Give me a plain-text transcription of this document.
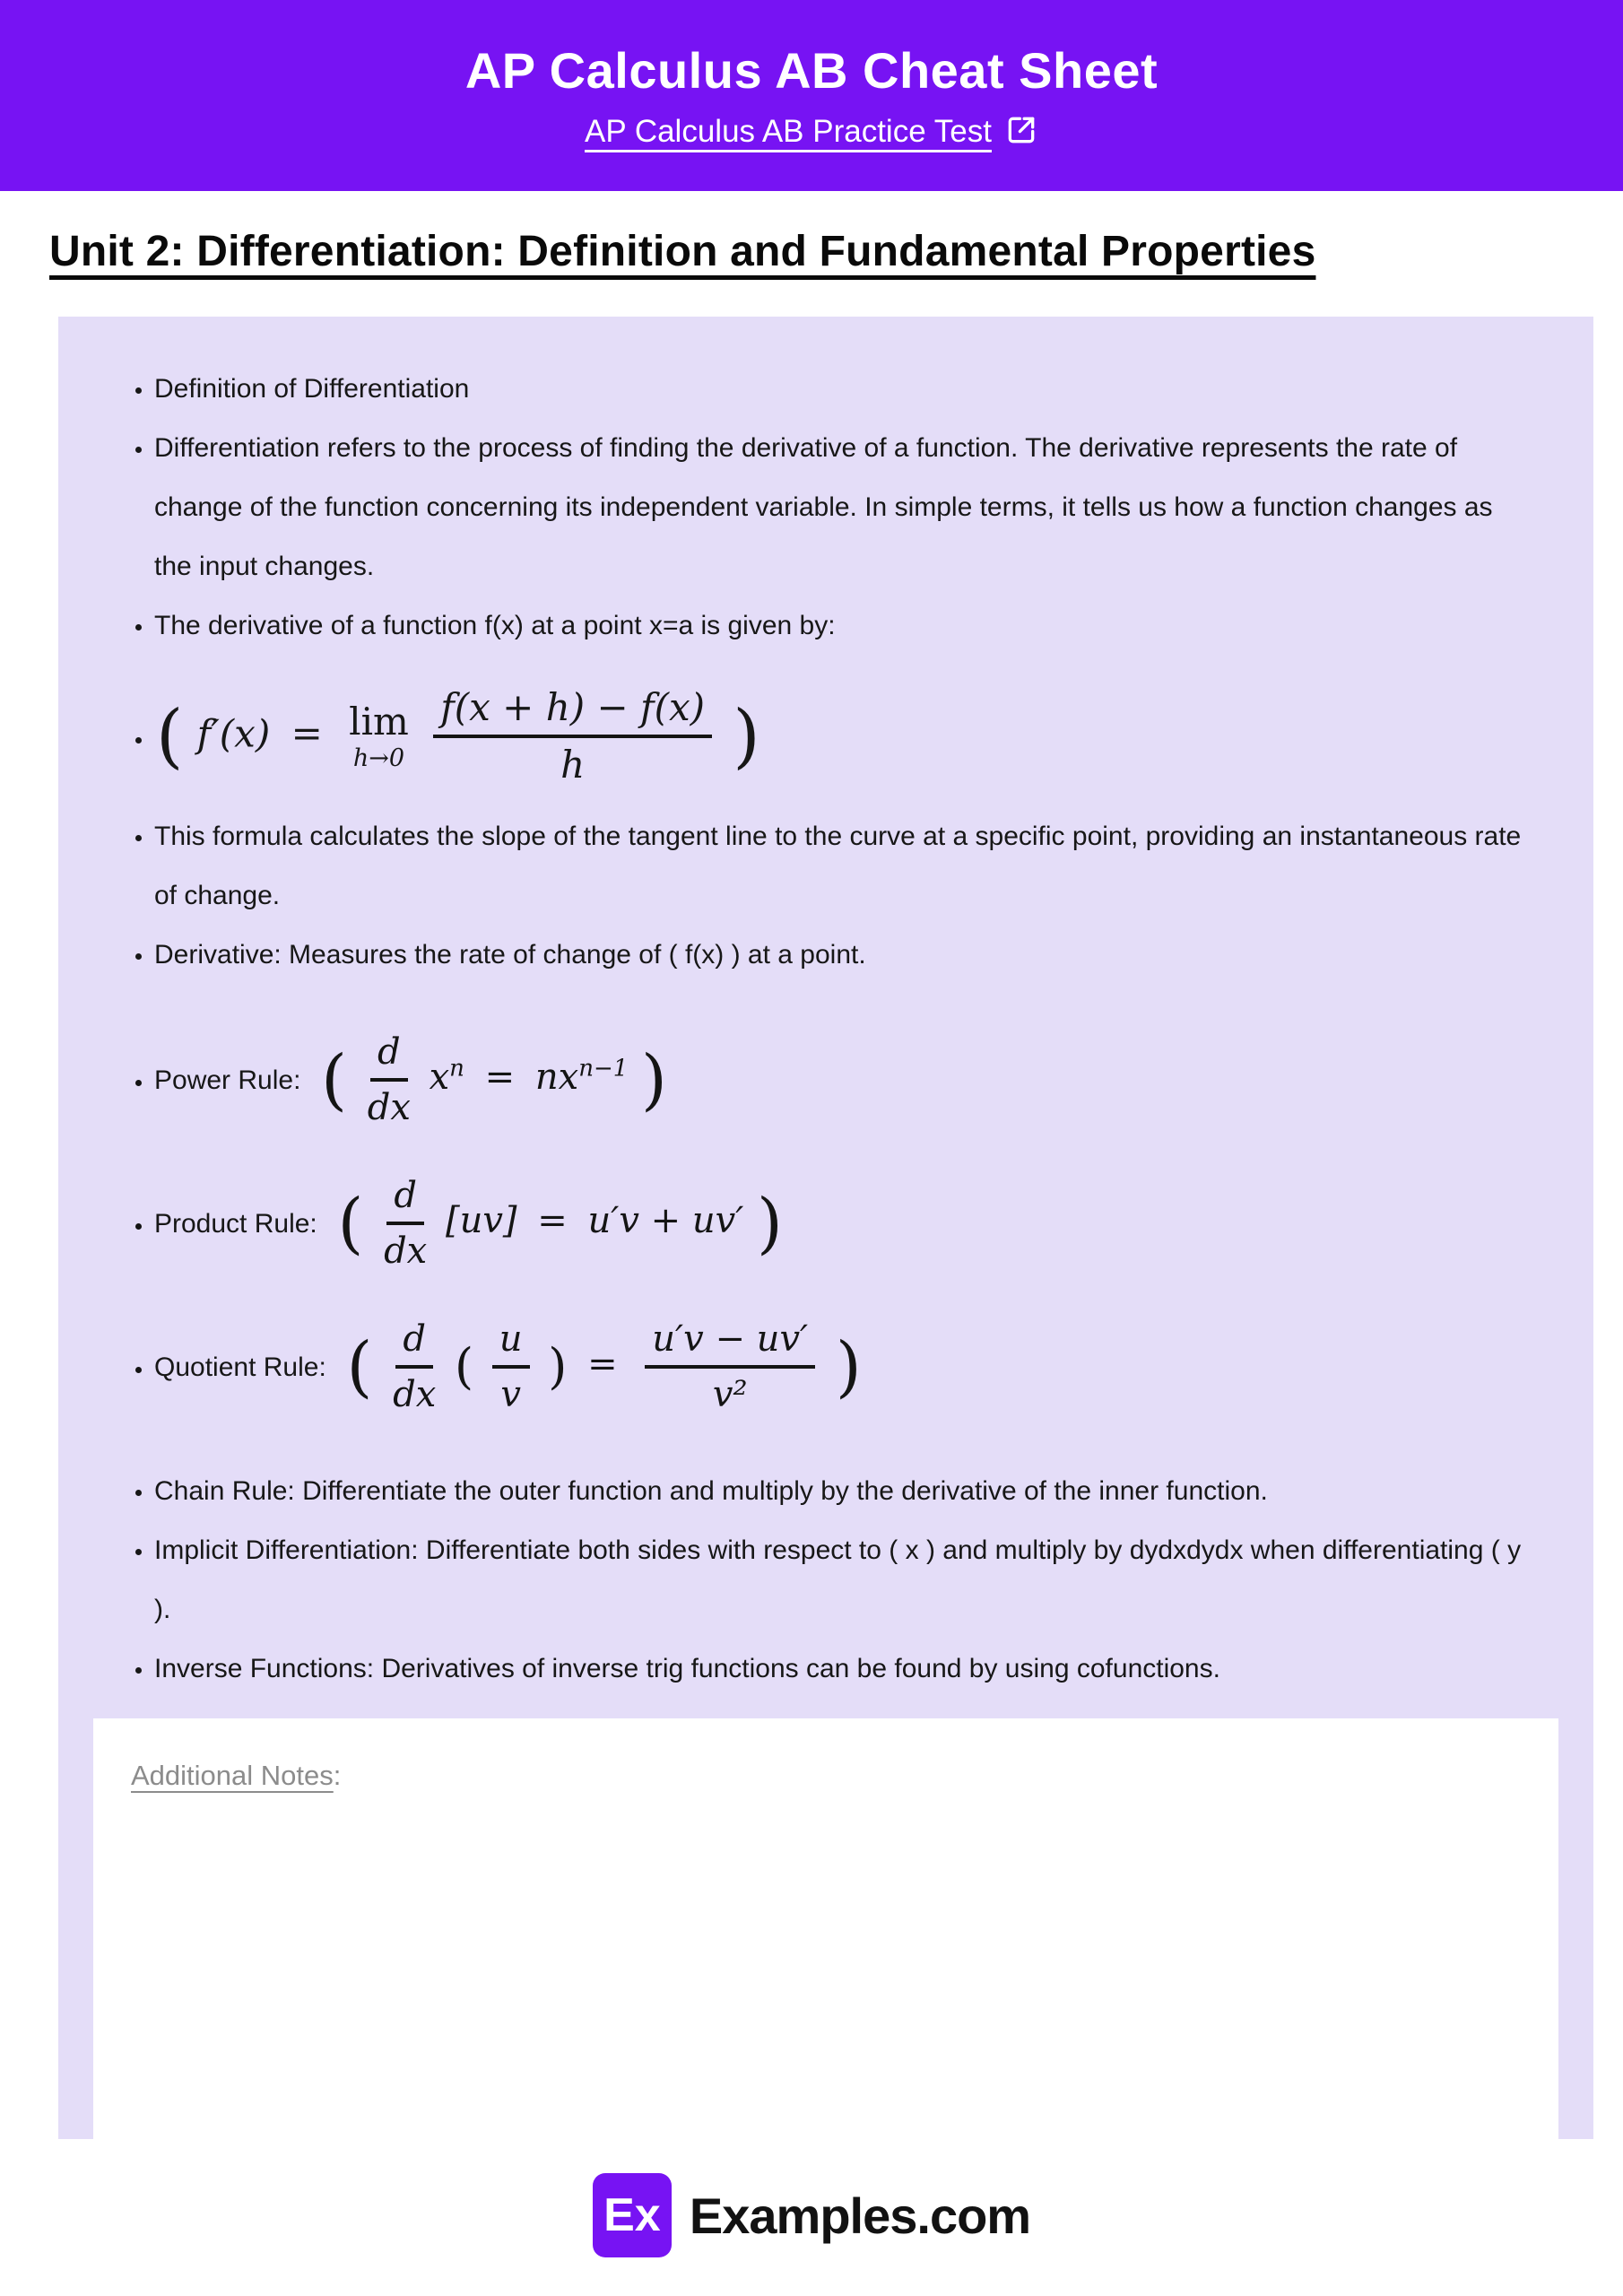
AP Calculus AB Cheat Sheet
AP Calculus AB Practice Test
Unit 2: Differentiation: Definition and Fundamental Properties
• Definition of Differentiation
• Differentiation refers to the process of finding the derivative of a function. The derivative represents the rate of change of the function concerning its independent variable. In simple terms, it tells us how a function changes as the input changes.
• The derivative of a function f(x) at a point x=a is given by:
• ( f′(x) = lim
h→0
$\frac{f(x + h) - f(x)}{h}$ )
• This formula calculates the slope of the tangent line to the curve at a specific point, providing an instantaneous rate of change.
• Derivative: Measures the rate of change of ( f(x) ) at a point.
• Power Rule: ( $\frac{d}{dx} x^n = nx^{n-1}$ )
• Product Rule: ( $\frac{d}{dx} [uv] = u'v + uv'$ )
• Quotient Rule: ( $\frac{d}{dx}$ ( $\frac{u}{v}$ ) = $\frac{u'v - uv'}{\text{v²}}$ )
• Chain Rule: Differentiate the outer function and multiply by the derivative of the inner function.
• Implicit Differentiation: Differentiate both sides with respect to ( x ) and multiply by dydxdydx when differentiating ( y ).
• Inverse Functions: Derivatives of inverse trig functions can be found by using cofunctions.
Additional Notes:
Ex Examples.com
